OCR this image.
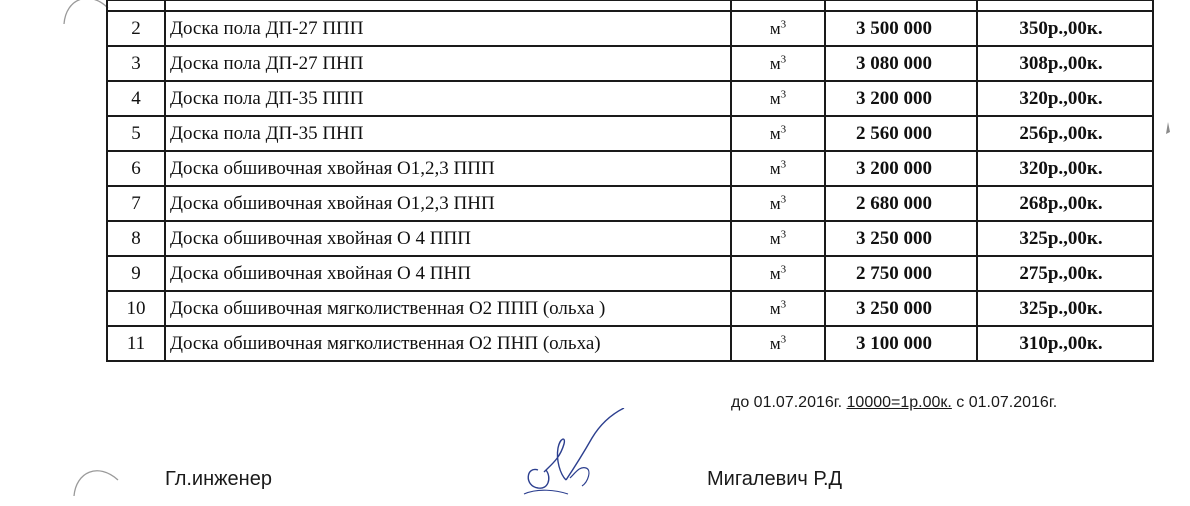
2	Доска пола ДП-27 ППП	$м^3$	3 500 000	350р.,00к.
3	Доска пола ДП-27 ПНП	$м^3$	3 080 000	308р.,00к.
4	Доска пола ДП-35 ППП	$м^3$	3 200 000	320р.,00к.
5	Доска пола ДП-35 ПНП	$м^3$	2 560 000	256р.,00к.
6	Доска обшивочная хвойная О1,2,3 ППП	$м^3$	3 200 000	320р.,00к.
7	Доска обшивочная хвойная О1,2,3 ПНП	$м^3$	2 680 000	268р.,00к.
8	Доска обшивочная хвойная О 4 ППП	$м^3$	3 250 000	325р.,00к.
9	Доска обшивочная хвойная О 4 ПНП	$м^3$	2 750 000	275р.,00к.
10	Доска обшивочная мягколиственная О2 ППП (ольха )	$м^3$	3 250 000	325р.,00к.
11	Доска обшивочная мягколиственная О2 ПНП (ольха)	$м^3$	3 100 000	310р.,00к.
до 01.07.2016г. 10000=1р.00к. с 01.07.2016г.
Гл.инженер	Мигалевич Р.Д
